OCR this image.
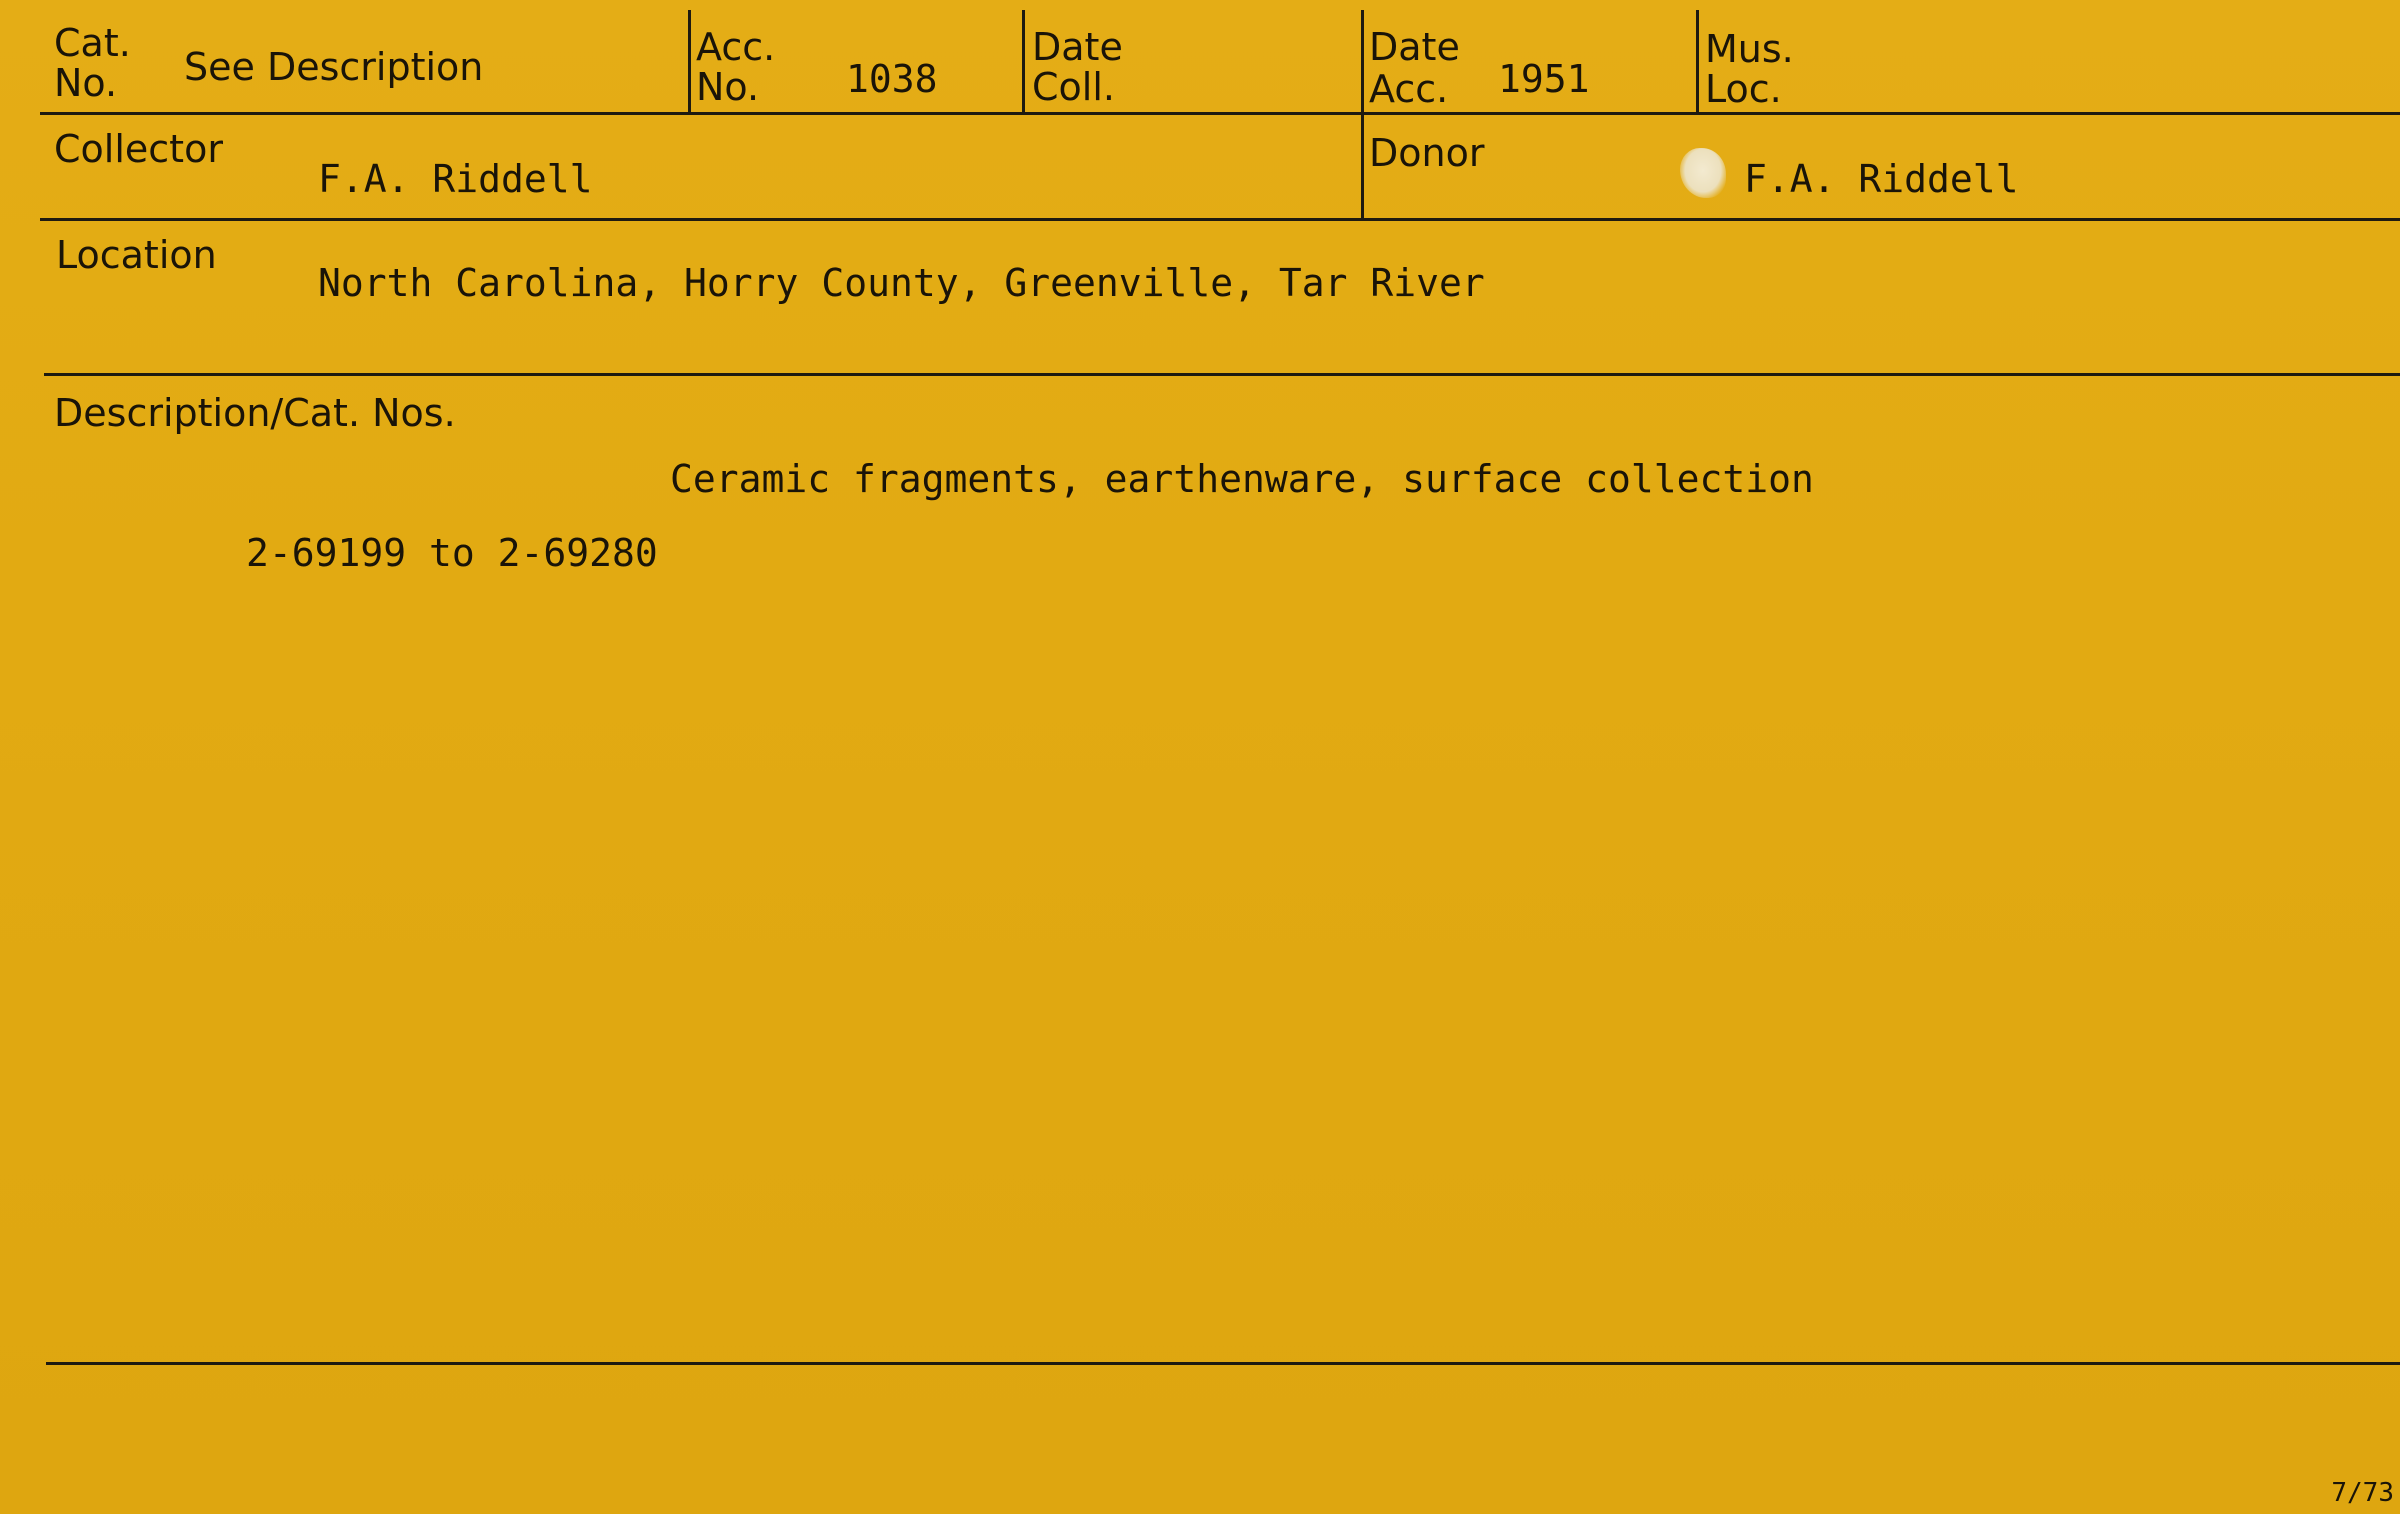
Cat.
No. See Description	Acc.
No. 1038
Date
Coll.
Date
Acc. 1951
Mus.
Loc.
Collector
F.A. Riddell
Donor
F.A. Riddell
Location
North Carolina, Horry County, Greenville, Tar River
Description/Cat. Nos.
Ceramic fragments, earthenware, surface collection
2-69199 to 2-69280
7/73
